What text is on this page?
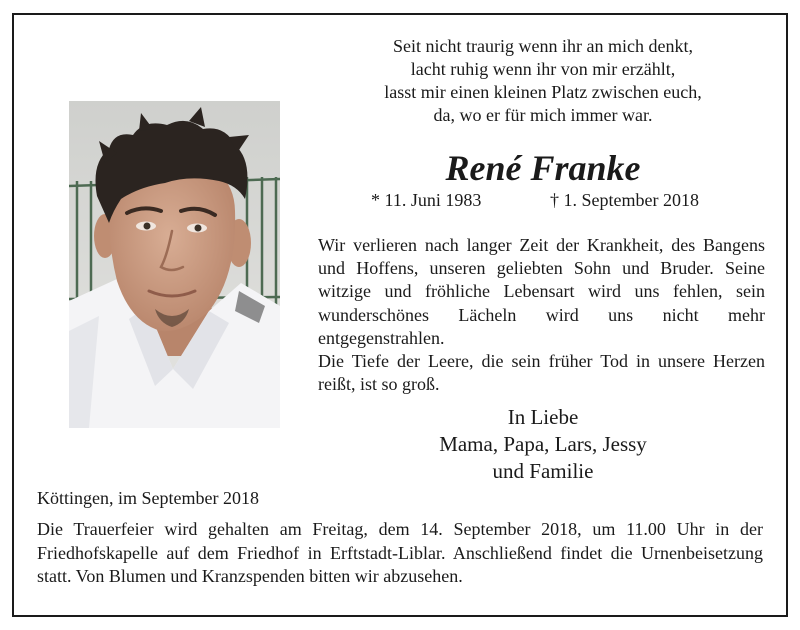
Seit nicht traurig wenn ihr an mich denkt,
lacht ruhig wenn ihr von mir erzählt,
lasst mir einen kleinen Platz zwischen euch,
da, wo er für mich immer war.
René Franke
* 11. Juni 1983	† 1. September 2018

Wir verlieren nach langer Zeit der Krankheit, des Bangens und Hoffens, unseren geliebten Sohn und Bruder. Seine witzige und fröhliche Lebensart wird uns fehlen, sein wunderschönes Lächeln wird uns nicht mehr entgegenstrahlen.

Die Tiefe der Leere, die sein früher Tod in unsere Herzen reißt, ist so groß.

In Liebe
Mama, Papa, Lars, Jessy
und Familie
Köttingen, im September 2018
Die Trauerfeier wird gehalten am Freitag, dem 14. September 2018, um 11.00 Uhr in der Friedhofskapelle auf dem Friedhof in Erftstadt-Liblar. Anschließend findet die Urnenbeisetzung statt. Von Blumen und Kranzspenden bitten wir abzusehen.
